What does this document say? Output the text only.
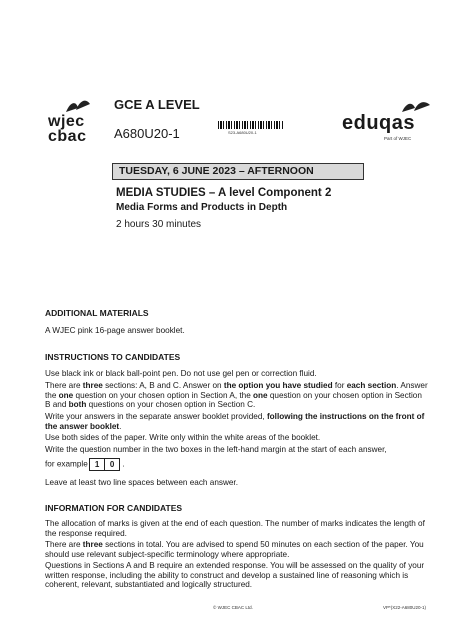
wjec
cbac
GCE A LEVEL
A680U20-1	S23-A680U20-1	eduqas
Part of WJEC
TUESDAY, 6 JUNE 2023 – AFTERNOON
MEDIA STUDIES – A level Component 2
Media Forms and Products in Depth
2 hours 30 minutes
ADDITIONAL MATERIALS
A WJEC pink 16-page answer booklet.
INSTRUCTIONS TO CANDIDATES
Use black ink or black ball-point pen. Do not use gel pen or correction fluid.
There are three sections: A, B and C. Answer on the option you have studied for each section. Answer the one question on your chosen option in Section A, the one question on your chosen option in Section B and both questions on your chosen option in Section C.
Write your answers in the separate answer booklet provided, following the instructions on the front of the answer booklet.
Use both sides of the paper. Write only within the white areas of the booklet.
Write the question number in the two boxes in the left-hand margin at the start of each answer,
for example 1 0 .
Leave at least two line spaces between each answer.
INFORMATION FOR CANDIDATES
The allocation of marks is given at the end of each question. The number of marks indicates the length of the response required.
There are three sections in total. You are advised to spend 50 minutes on each section of the paper. You should use relevant subject-specific terminology where appropriate.
Questions in Sections A and B require an extended response. You will be assessed on the quality of your written response, including the ability to construct and develop a sustained line of reasoning which is coherent, relevant, substantiated and logically structured.
© WJEC CBAC Ltd.	VP*(X22-A680U20-1)
